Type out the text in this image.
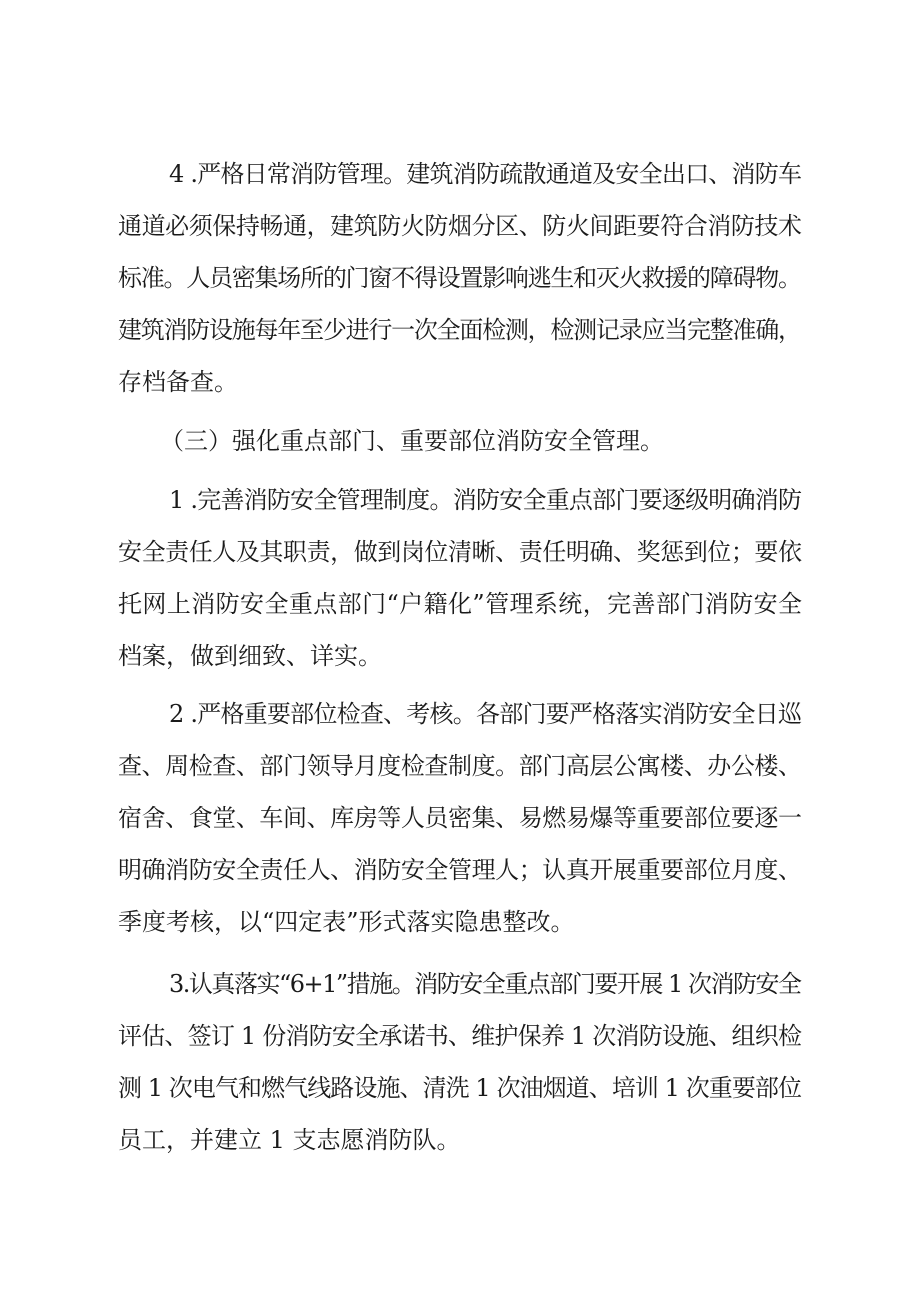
4 .严格日常消防管理。建筑消防疏散通道及安全出口、消防车
通道必须保持畅通，建筑防火防烟分区、防火间距要符合消防技术
标准。人员密集场所的门窗不得设置影响逃生和灭火救援的障碍物。
建筑消防设施每年至少进行一次全面检测，检测记录应当完整准确，
存档备查。
（三）强化重点部门、重要部位消防安全管理。
1 .完善消防安全管理制度。消防安全重点部门要逐级明确消防
安全责任人及其职责，做到岗位清晰、责任明确、奖惩到位；要依
托网上消防安全重点部门“户籍化”管理系统，完善部门消防安全
档案，做到细致、详实。
2 .严格重要部位检查、考核。各部门要严格落实消防安全日巡
查、周检查、部门领导月度检查制度。部门高层公寓楼、办公楼、
宿舍、食堂、车间、库房等人员密集、易燃易爆等重要部位要逐一
明确消防安全责任人、消防安全管理人；认真开展重要部位月度、
季度考核，以“四定表”形式落实隐患整改。
3.认真落实“6+1”措施。消防安全重点部门要开展 1 次消防安全
评估、签订 1 份消防安全承诺书、维护保养 1 次消防设施、组织检
测 1 次电气和燃气线路设施、清洗 1 次油烟道、培训 1 次重要部位
员工，并建立 1 支志愿消防队。
